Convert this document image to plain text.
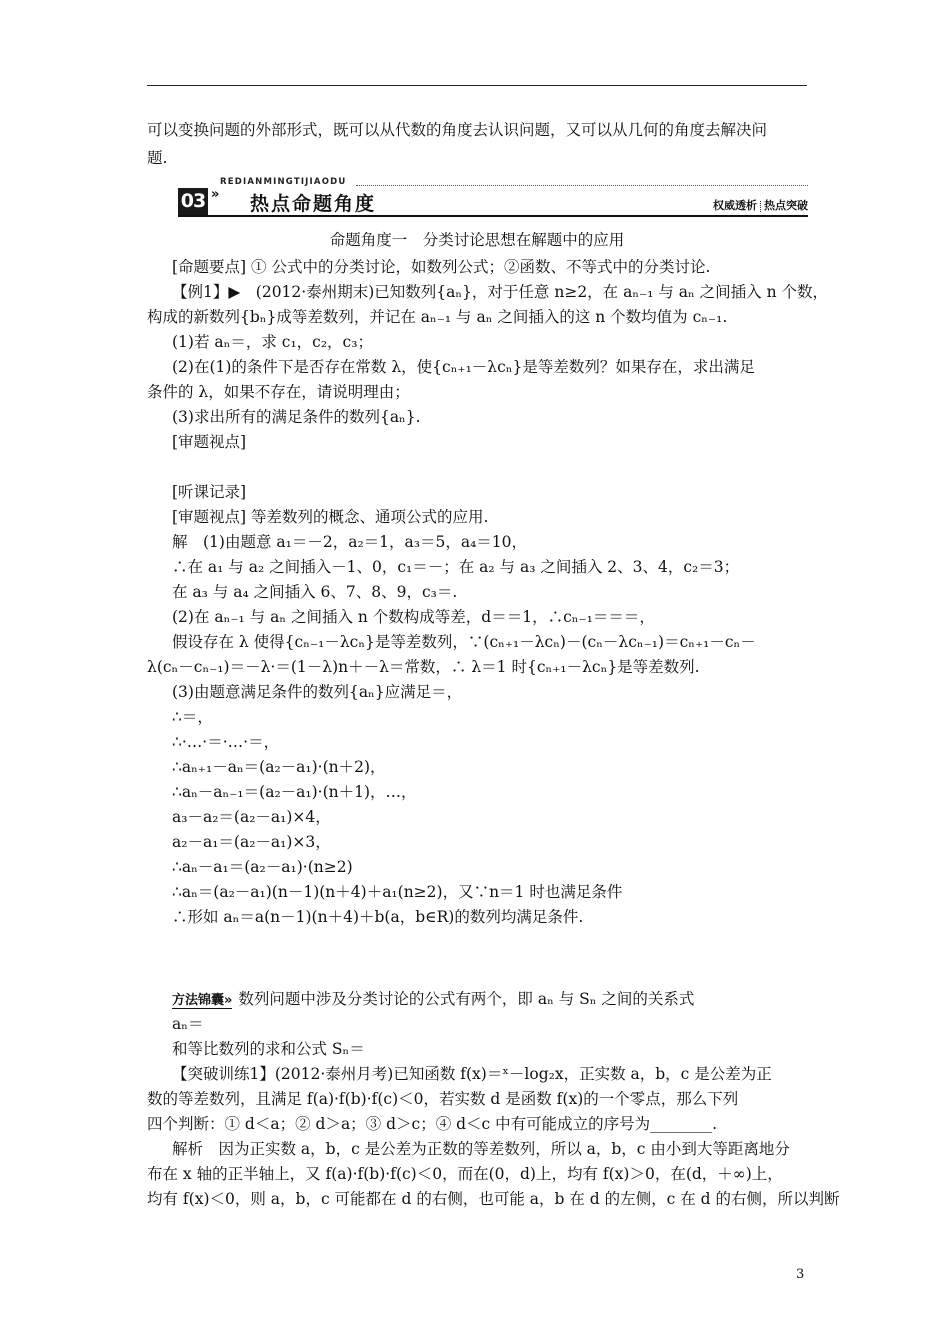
可以变换问题的外部形式，既可以从代数的角度去认识问题，又可以从几何的角度去解决问
题.
REDIANMINGTIJIAODU
03 » 热点命题角度	权威透析 热点突破
命题角度一　分类讨论思想在解题中的应用
[命题要点] ① 公式中的分类讨论，如数列公式；②函数、不等式中的分类讨论.
【例1】▶　(2012·泰州期末)已知数列{aₙ}，对于任意 n≥2，在 aₙ₋₁ 与 aₙ 之间插入 n 个数，
构成的新数列{bₙ}成等差数列，并记在 aₙ₋₁ 与 aₙ 之间插入的这 n 个数均值为 cₙ₋₁.
(1)若 aₙ＝，求 c₁，c₂，c₃；
(2)在(1)的条件下是否存在常数 λ，使{cₙ₊₁－λcₙ}是等差数列？如果存在，求出满足
条件的 λ，如果不存在，请说明理由；
(3)求出所有的满足条件的数列{aₙ}.
[审题视点]
[听课记录]
[审题视点] 等差数列的概念、通项公式的应用.
解　(1)由题意 a₁＝－2，a₂＝1，a₃＝5，a₄＝10，
∴在 a₁ 与 a₂ 之间插入－1、0，c₁＝－；在 a₂ 与 a₃ 之间插入 2、3、4，c₂＝3；
在 a₃ 与 a₄ 之间插入 6、7、8、9，c₃＝.
(2)在 aₙ₋₁ 与 aₙ 之间插入 n 个数构成等差，d＝＝1，∴cₙ₋₁＝＝＝，
假设存在 λ 使得{cₙ₋₁－λcₙ}是等差数列，∵(cₙ₊₁－λcₙ)－(cₙ－λcₙ₋₁)＝cₙ₊₁－cₙ－
λ(cₙ－cₙ₋₁)＝－λ·＝(1－λ)n＋－λ＝常数，∴ λ＝1 时{cₙ₊₁－λcₙ}是等差数列.
(3)由题意满足条件的数列{aₙ}应满足＝，
∴＝，
∴·…·＝·…·＝，
∴aₙ₊₁－aₙ＝(a₂－a₁)·(n＋2)，
∴aₙ－aₙ₋₁＝(a₂－a₁)·(n＋1)，…，
a₃－a₂＝(a₂－a₁)×4，
a₂－a₁＝(a₂－a₁)×3，
∴aₙ－a₁＝(a₂－a₁)·(n≥2)
∴aₙ＝(a₂－a₁)(n－1)(n＋4)＋a₁(n≥2)，又∵n＝1 时也满足条件
∴形如 aₙ＝a(n－1)(n＋4)＋b(a，b∈R)的数列均满足条件.
方法锦囊» 数列问题中涉及分类讨论的公式有两个，即 aₙ 与 Sₙ 之间的关系式
aₙ＝
和等比数列的求和公式 Sₙ＝
【突破训练1】(2012·泰州月考)已知函数 f(x)＝ˣ－log₂x，正实数 a，b，c 是公差为正
数的等差数列，且满足 f(a)·f(b)·f(c)＜0，若实数 d 是函数 f(x)的一个零点，那么下列
四个判断：① d＜a；② d＞a；③ d＞c；④ d＜c 中有可能成立的序号为________.
解析　因为正实数 a，b，c 是公差为正数的等差数列，所以 a，b，c 由小到大等距离地分
布在 x 轴的正半轴上，又 f(a)·f(b)·f(c)＜0，而在(0，d)上，均有 f(x)＞0，在(d，＋∞)上，
均有 f(x)＜0，则 a，b，c 可能都在 d 的右侧，也可能 a，b 在 d 的左侧，c 在 d 的右侧，所以判断
3
